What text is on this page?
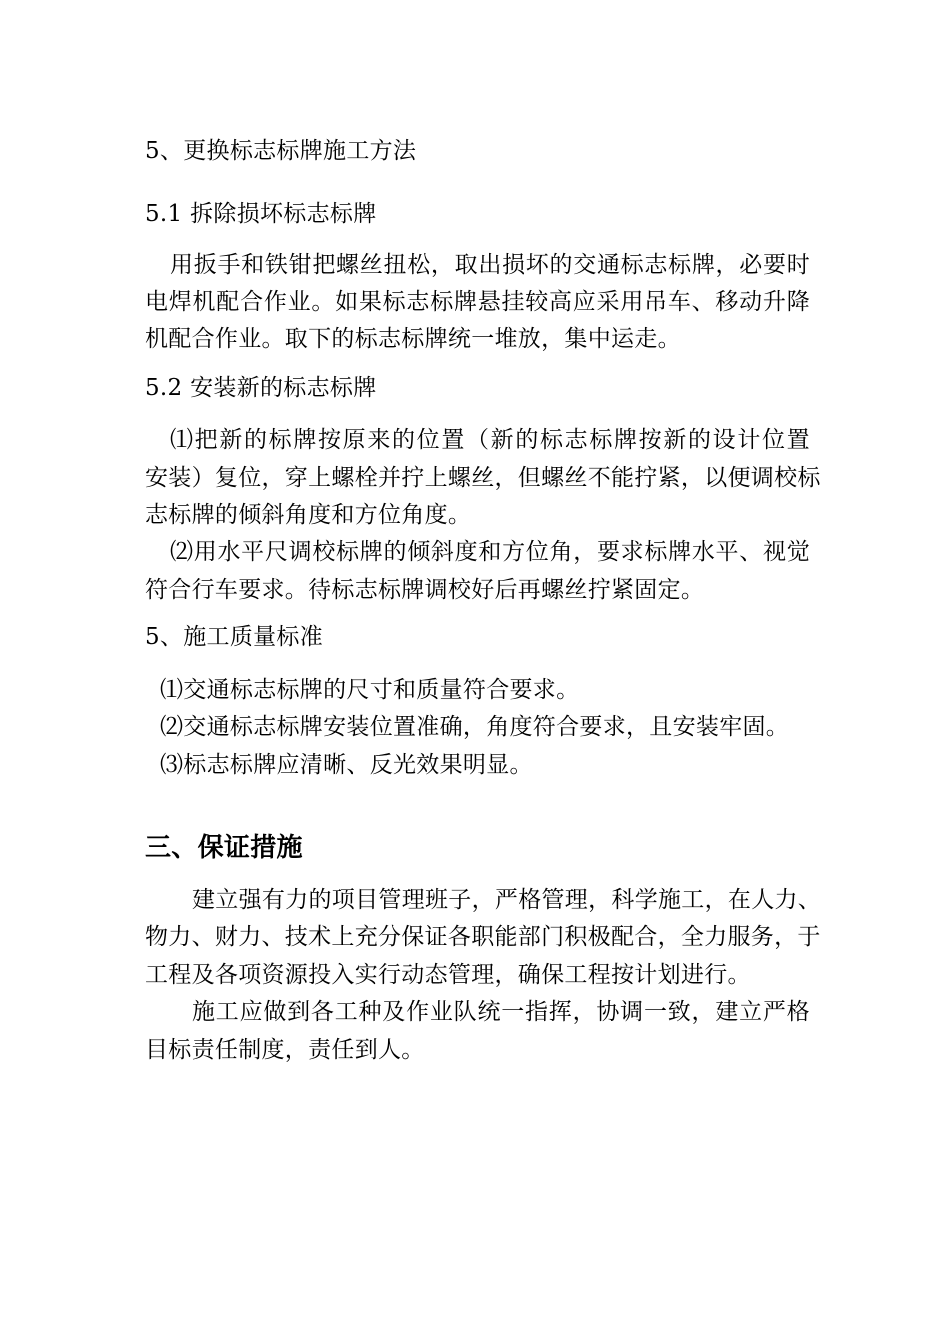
5、更换标志标牌施工方法
5.1 拆除损坏标志标牌
用扳手和铁钳把螺丝扭松，取出损坏的交通标志标牌，必要时
电焊机配合作业。如果标志标牌悬挂较高应采用吊车、移动升降
机配合作业。取下的标志标牌统一堆放，集中运走。
5.2 安装新的标志标牌
⑴把新的标牌按原来的位置（新的标志标牌按新的设计位置
安装）复位，穿上螺栓并拧上螺丝，但螺丝不能拧紧，以便调校标
志标牌的倾斜角度和方位角度。
⑵用水平尺调校标牌的倾斜度和方位角，要求标牌水平、视觉
符合行车要求。待标志标牌调校好后再螺丝拧紧固定。
5、施工质量标准
⑴交通标志标牌的尺寸和质量符合要求。
⑵交通标志标牌安装位置准确，角度符合要求，且安装牢固。
⑶标志标牌应清晰、反光效果明显。
三、保证措施
建立强有力的项目管理班子，严格管理，科学施工，在人力、
物力、财力、技术上充分保证各职能部门积极配合，全力服务，于
工程及各项资源投入实行动态管理，确保工程按计划进行。
施工应做到各工种及作业队统一指挥，协调一致，建立严格
目标责任制度，责任到人。
